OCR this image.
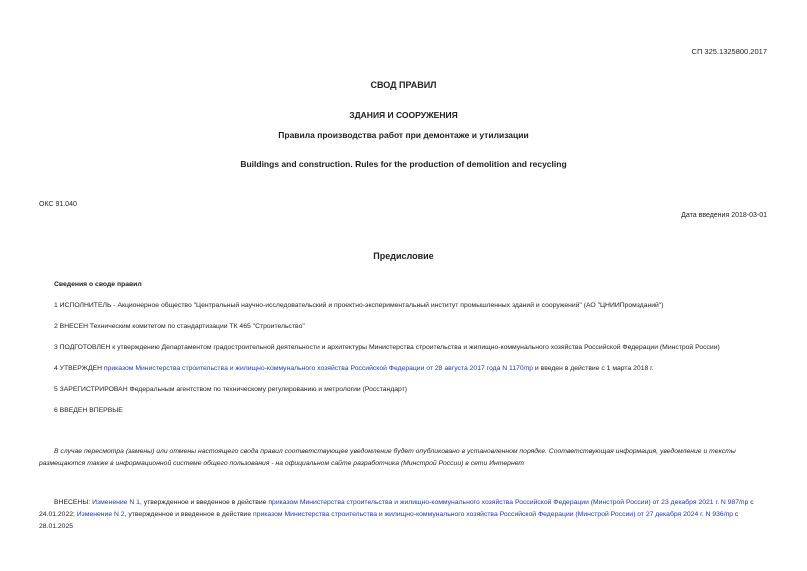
СП 325.1325800.2017
СВОД ПРАВИЛ
ЗДАНИЯ И СООРУЖЕНИЯ
Правила производства работ при демонтаже и утилизации
Buildings and construction. Rules for the production of demolition and recycling
ОКС 91.040
Дата введения 2018-03-01
Предисловие
Сведения о своде правил
1 ИСПОЛНИТЕЛЬ - Акционерное общество "Центральный научно-исследовательский и проектно-экспериментальный институт промышленных зданий и сооружений" (АО "ЦНИИПромзданий")
2 ВНЕСЕН Техническим комитетом по стандартизации ТК 465 "Строительство"
3 ПОДГОТОВЛЕН к утверждению Департаментом градостроительной деятельности и архитектуры Министерства строительства и жилищно-коммунального хозяйства Российской Федерации (Минстрой России)
4 УТВЕРЖДЕН приказом Министерства строительства и жилищно-коммунального хозяйства Российской Федерации от 28 августа 2017 года N 1170/пр и введен в действие с 1 марта 2018 г.
5 ЗАРЕГИСТРИРОВАН Федеральным агентством по техническому регулированию и метрологии (Росстандарт)
6 ВВЕДЕН ВПЕРВЫЕ
В случае пересмотра (замены) или отмены настоящего свода правил соответствующее уведомление будет опубликовано в установленном порядке. Соответствующая информация, уведомление и тексты размещаются также в информационной системе общего пользования - на официальном сайте разработчика (Минстрой России) в сети Интернет
ВНЕСЕНЫ: Изменение N 1, утвержденное и введенное в действие приказом Министерства строительства и жилищно-коммунального хозяйства Российской Федерации (Минстрой России) от 23 декабря 2021 г. N 987/пр с 24.01.2022; Изменение N 2, утвержденное и введенное в действие приказом Министерства строительства и жилищно-коммунального хозяйства Российской Федерации (Минстрой России) от 27 декабря 2024 г. N 936/пр с 28.01.2025
